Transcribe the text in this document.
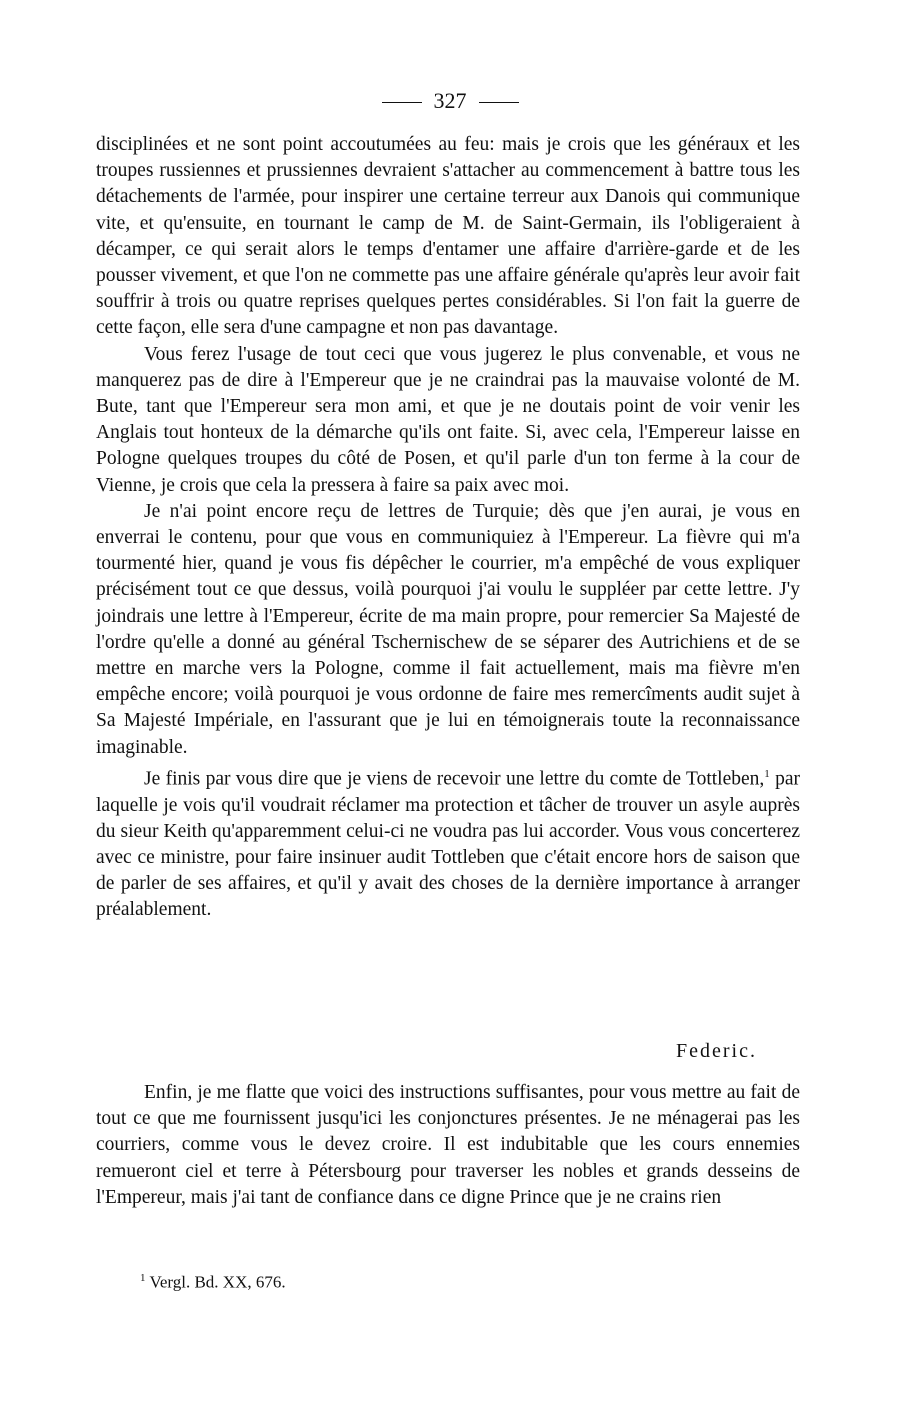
327

disciplinées et ne sont point accoutumées au feu: mais je crois que les généraux et les troupes russiennes et prussiennes devraient s'attacher au commencement à battre tous les détachements de l'armée, pour inspirer une certaine terreur aux Danois qui communique vite, et qu'ensuite, en tournant le camp de M. de Saint-Germain, ils l'obligeraient à décamper, ce qui serait alors le temps d'entamer une affaire d'arrière-garde et de les pousser vivement, et que l'on ne commette pas une affaire générale qu'après leur avoir fait souffrir à trois ou quatre reprises quelques pertes considérables. Si l'on fait la guerre de cette façon, elle sera d'une campagne et non pas davantage.

Vous ferez l'usage de tout ceci que vous jugerez le plus convenable, et vous ne manquerez pas de dire à l'Empereur que je ne craindrai pas la mauvaise volonté de M. Bute, tant que l'Empereur sera mon ami, et que je ne doutais point de voir venir les Anglais tout honteux de la démarche qu'ils ont faite. Si, avec cela, l'Empereur laisse en Pologne quelques troupes du côté de Posen, et qu'il parle d'un ton ferme à la cour de Vienne, je crois que cela la pressera à faire sa paix avec moi.

Je n'ai point encore reçu de lettres de Turquie; dès que j'en aurai, je vous en enverrai le contenu, pour que vous en communiquiez à l'Empereur. La fièvre qui m'a tourmenté hier, quand je vous fis dépêcher le courrier, m'a empêché de vous expliquer précisément tout ce que dessus, voilà pourquoi j'ai voulu le suppléer par cette lettre. J'y joindrais une lettre à l'Empereur, écrite de ma main propre, pour remercier Sa Majesté de l'ordre qu'elle a donné au général Tschernischew de se séparer des Autrichiens et de se mettre en marche vers la Pologne, comme il fait actuellement, mais ma fièvre m'en empêche encore; voilà pourquoi je vous ordonne de faire mes remercîments audit sujet à Sa Majesté Impériale, en l'assurant que je lui en témoignerais toute la reconnaissance imaginable.

Je finis par vous dire que je viens de recevoir une lettre du comte de Tottleben,$^1$ par laquelle je vois qu'il voudrait réclamer ma protection et tâcher de trouver un asyle auprès du sieur Keith qu'apparemment celui-ci ne voudra pas lui accorder. Vous vous concerterez avec ce ministre, pour faire insinuer audit Tottleben que c'était encore hors de saison que de parler de ses affaires, et qu'il y avait des choses de la dernière importance à arranger préalablement.

Federic.

Enfin, je me flatte que voici des instructions suffisantes, pour vous mettre au fait de tout ce que me fournissent jusqu'ici les conjonctures présentes. Je ne ménagerai pas les courriers, comme vous le devez croire. Il est indubitable que les cours ennemies remueront ciel et terre à Pétersbourg pour traverser les nobles et grands desseins de l'Empereur, mais j'ai tant de confiance dans ce digne Prince que je ne crains rien

$^1$ Vergl. Bd. XX, 676.
